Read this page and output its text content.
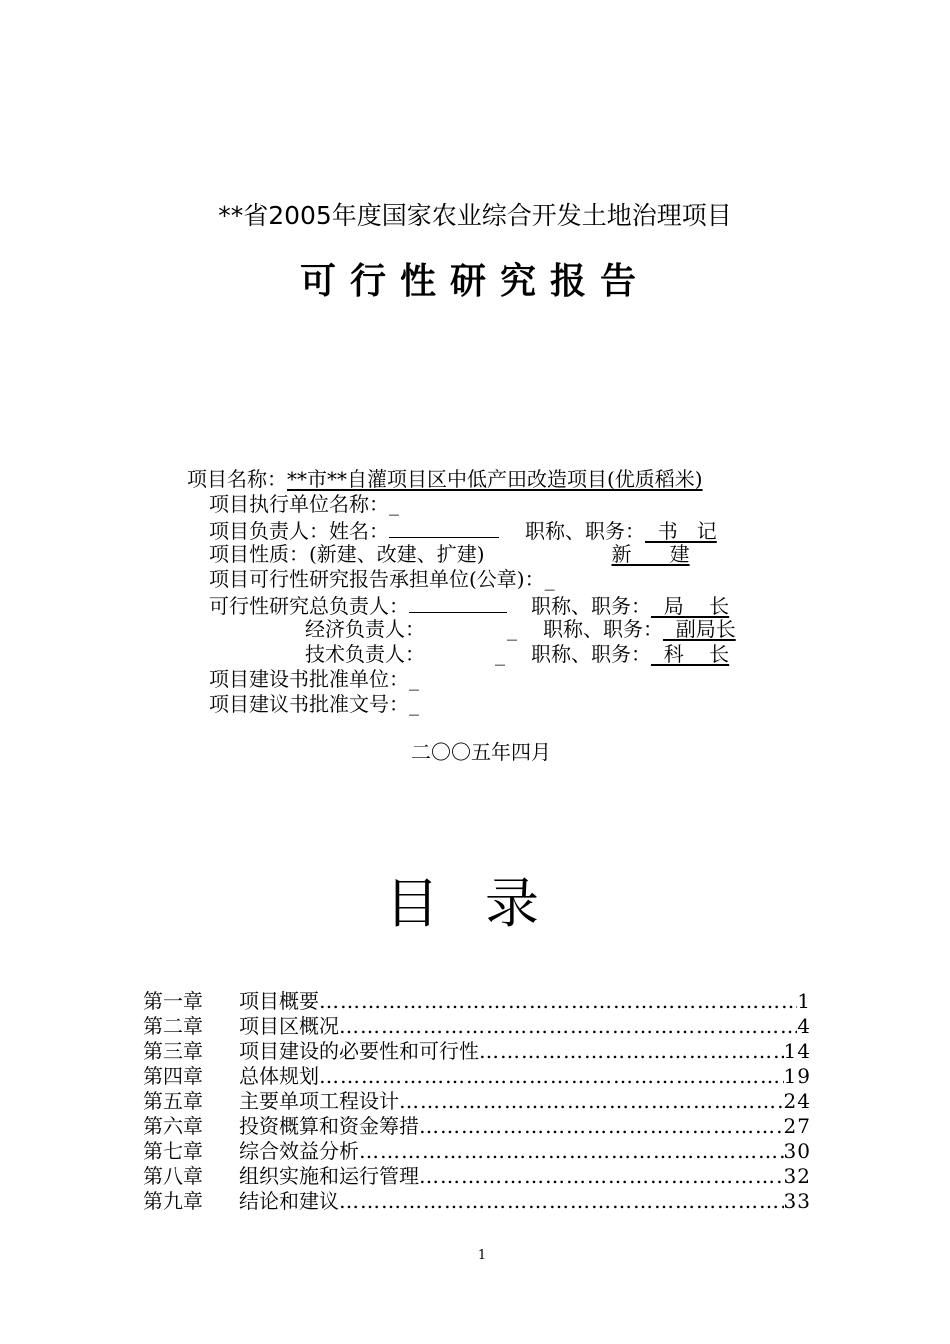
**省2005年度国家农业综合开发土地治理项目
可行性研究报告
项目名称：**市**自灌项目区中低产田改造项目(优质稻米)
项目执行单位名称：_
项目负责人：姓名：	职称、职务：  书   记
项目性质：(新建、改建、扩建)	新      建
项目可行性研究报告承担单位(公章)：_
可行性研究总负责人：	职称、职务：  局    长
经济负责人：	_ 职称、职务：  副局长
技术负责人：	_ 职称、职务：  科    长
项目建设书批准单位：_
项目建议书批准文号：_
二〇〇五年四月
目录
第一章	项目概要 …………………………………………………………………………………………………………………………………………	1
第二章	项目区概况 …………………………………………………………………………………………………………………………………………	4
第三章	项目建设的必要性和可行性 …………………………………………………………………………………………………………………………………………	14
第四章	总体规划 …………………………………………………………………………………………………………………………………………	19
第五章	主要单项工程设计 …………………………………………………………………………………………………………………………………………	24
第六章	投资概算和资金筹措 …………………………………………………………………………………………………………………………………………	27
第七章	综合效益分析 …………………………………………………………………………………………………………………………………………	30
第八章	组织实施和运行管理 …………………………………………………………………………………………………………………………………………	32
第九章	结论和建议 …………………………………………………………………………………………………………………………………………	33
1
